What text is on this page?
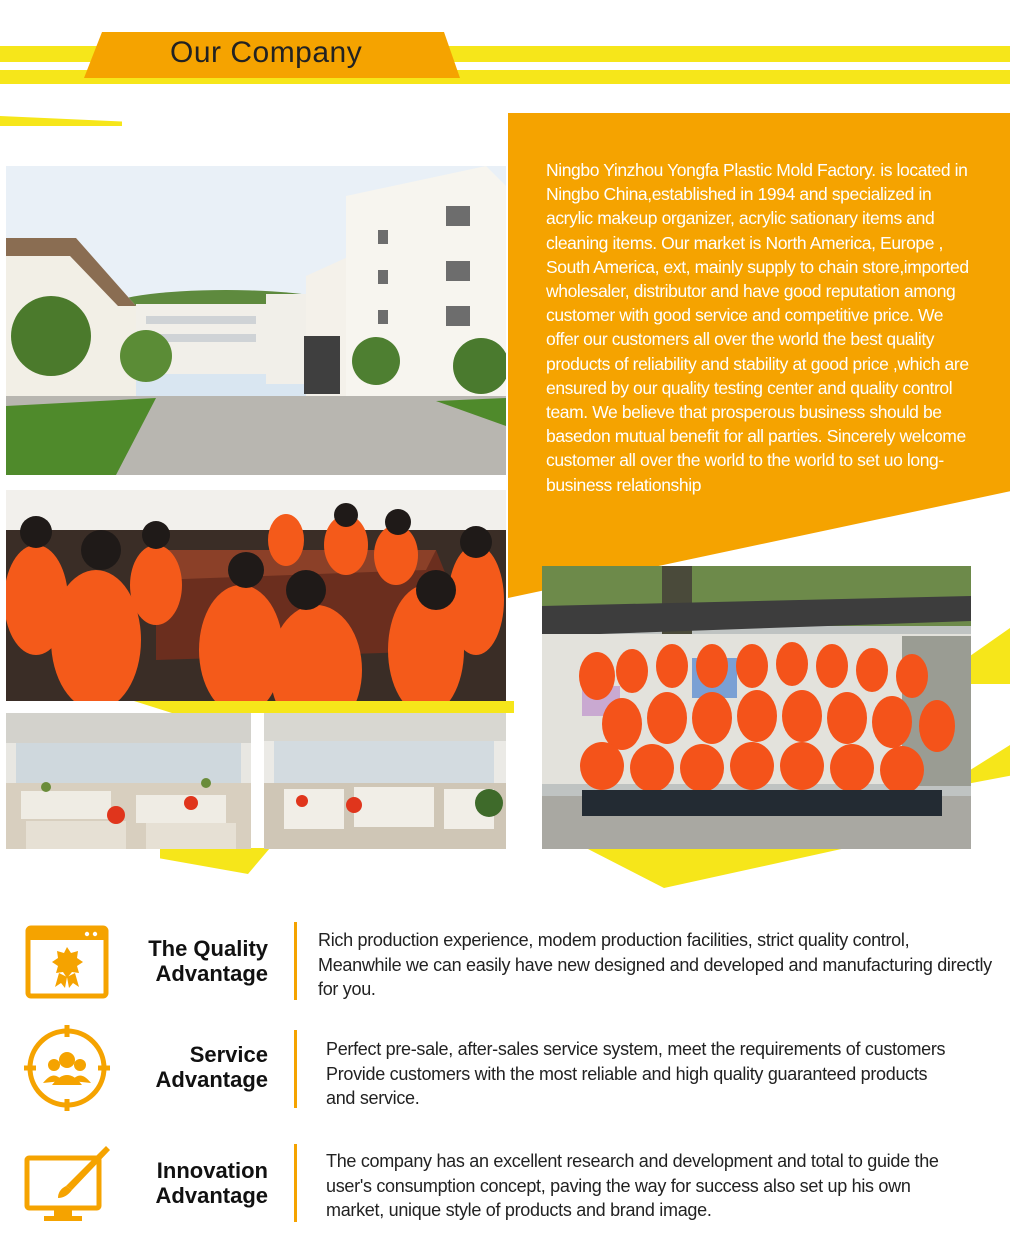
Our Company

Ningbo Yinzhou Yongfa Plastic Mold Factory. is located in Ningbo China,established in 1994 and specialized in acrylic makeup organizer, acrylic sationary items and cleaning items. Our market is North America, Europe , South America, ext, mainly supply to chain store,imported wholesaler, distributor and have good reputation among customer with good service and competitive price. We offer our customers all over the world the best quality products of reliability and stability at good price ,which are ensured by our quality testing center and quality control team. We believe that prosperous business should be basedon mutual benefit for all parties. Sincerely welcome customer all over the world to the world to set uo long-business relationship

The Quality
Advantage

Rich production experience, modem production facilities, strict quality control, Meanwhile we can easily have new designed and developed and manufacturing directly for you.

Service
Advantage

Perfect pre-sale, after-sales service system, meet the requirements of customers Provide customers with the most reliable and high quality guaranteed products and service.

Innovation
Advantage

The company has an excellent research and development and total to guide the user's consumption concept, paving the way for success also set up his own market, unique style of products and brand image.
